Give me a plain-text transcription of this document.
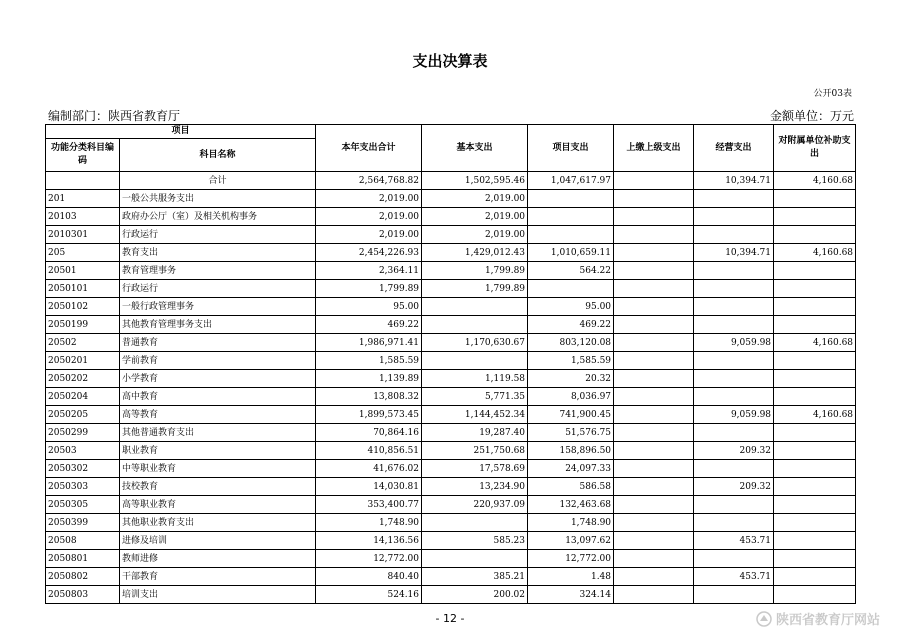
支出决算表
公开03表
编制部门：陕西省教育厅	金额单位：万元
项目		本年支出合计	基本支出	项目支出	上缴上级支出	经营支出	对附属单位补助支出
功能分类科目编码	科目名称						
	合计	2,564,768.82	1,502,595.46	1,047,617.97		10,394.71	4,160.68
201	一般公共服务支出	2,019.00	2,019.00				
20103	政府办公厅（室）及相关机构事务	2,019.00	2,019.00				
2010301	行政运行	2,019.00	2,019.00				
205	教育支出	2,454,226.93	1,429,012.43	1,010,659.11		10,394.71	4,160.68
20501	教育管理事务	2,364.11	1,799.89	564.22			
2050101	行政运行	1,799.89	1,799.89				
2050102	一般行政管理事务	95.00		95.00			
2050199	其他教育管理事务支出	469.22		469.22			
20502	普通教育	1,986,971.41	1,170,630.67	803,120.08		9,059.98	4,160.68
2050201	学前教育	1,585.59		1,585.59			
2050202	小学教育	1,139.89	1,119.58	20.32			
2050204	高中教育	13,808.32	5,771.35	8,036.97			
2050205	高等教育	1,899,573.45	1,144,452.34	741,900.45		9,059.98	4,160.68
2050299	其他普通教育支出	70,864.16	19,287.40	51,576.75			
20503	职业教育	410,856.51	251,750.68	158,896.50		209.32	
2050302	中等职业教育	41,676.02	17,578.69	24,097.33			
2050303	技校教育	14,030.81	13,234.90	586.58		209.32	
2050305	高等职业教育	353,400.77	220,937.09	132,463.68			
2050399	其他职业教育支出	1,748.90		1,748.90			
20508	进修及培训	14,136.56	585.23	13,097.62		453.71	
2050801	教师进修	12,772.00		12,772.00			
2050802	干部教育	840.40	385.21	1.48		453.71	
2050803	培训支出	524.16	200.02	324.14			
- 12 -	陕西省教育厅网站
